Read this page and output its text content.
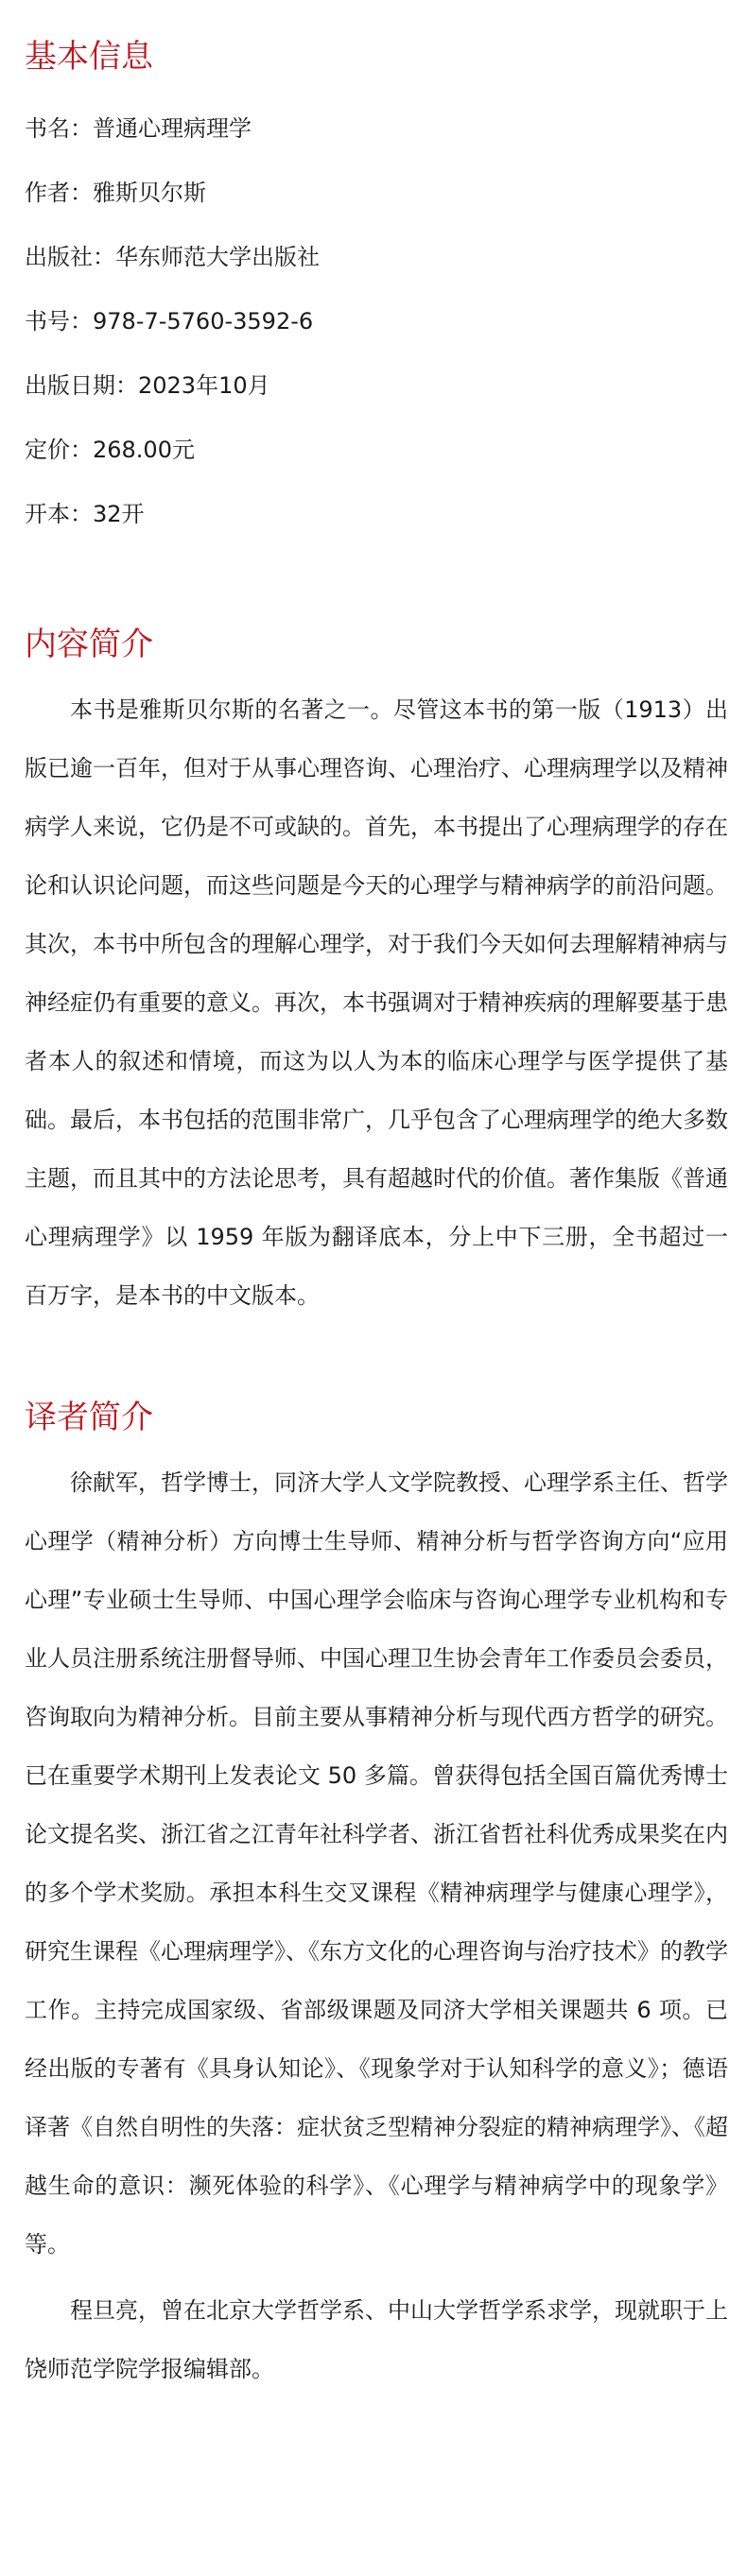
基本信息
书名：普通心理病理学
作者：雅斯贝尔斯
出版社：华东师范大学出版社
书号：978-7-5760-3592-6
出版日期：2023年10月
定价：268.00元
开本：32开
内容简介

本书是雅斯贝尔斯的名著之一。尽管这本书的第一版（1913）出版已逾一百年，但对于从事心理咨询、心理治疗、心理病理学以及精神病学人来说，它仍是不可或缺的。首先，本书提出了心理病理学的存在论和认识论问题，而这些问题是今天的心理学与精神病学的前沿问题。其次，本书中所包含的理解心理学，对于我们今天如何去理解精神病与神经症仍有重要的意义。再次，本书强调对于精神疾病的理解要基于患者本人的叙述和情境，而这为以人为本的临床心理学与医学提供了基础。最后，本书包括的范围非常广，几乎包含了心理病理学的绝大多数主题，而且其中的方法论思考，具有超越时代的价值。著作集版《普通心理病理学》以 1959 年版为翻译底本，分上中下三册，全书超过一百万字，是本书的中文版本。

译者简介

徐献军，哲学博士，同济大学人文学院教授、心理学系主任、哲学心理学（精神分析）方向博士生导师、精神分析与哲学咨询方向“应用心理”专业硕士生导师、中国心理学会临床与咨询心理学专业机构和专业人员注册系统注册督导师、中国心理卫生协会青年工作委员会委员，咨询取向为精神分析。目前主要从事精神分析与现代西方哲学的研究。已在重要学术期刊上发表论文 50 多篇。曾获得包括全国百篇优秀博士论文提名奖、浙江省之江青年社科学者、浙江省哲社科优秀成果奖在内的多个学术奖励。承担本科生交叉课程《精神病理学与健康心理学》，研究生课程《心理病理学》、《东方文化的心理咨询与治疗技术》的教学工作。主持完成国家级、省部级课题及同济大学相关课题共 6 项。已经出版的专著有《具身认知论》、《现象学对于认知科学的意义》；德语译著《自然自明性的失落：症状贫乏型精神分裂症的精神病理学》、《超越生命的意识：濒死体验的科学》、《心理学与精神病学中的现象学》等。

程旦亮，曾在北京大学哲学系、中山大学哲学系求学，现就职于上饶师范学院学报编辑部。
